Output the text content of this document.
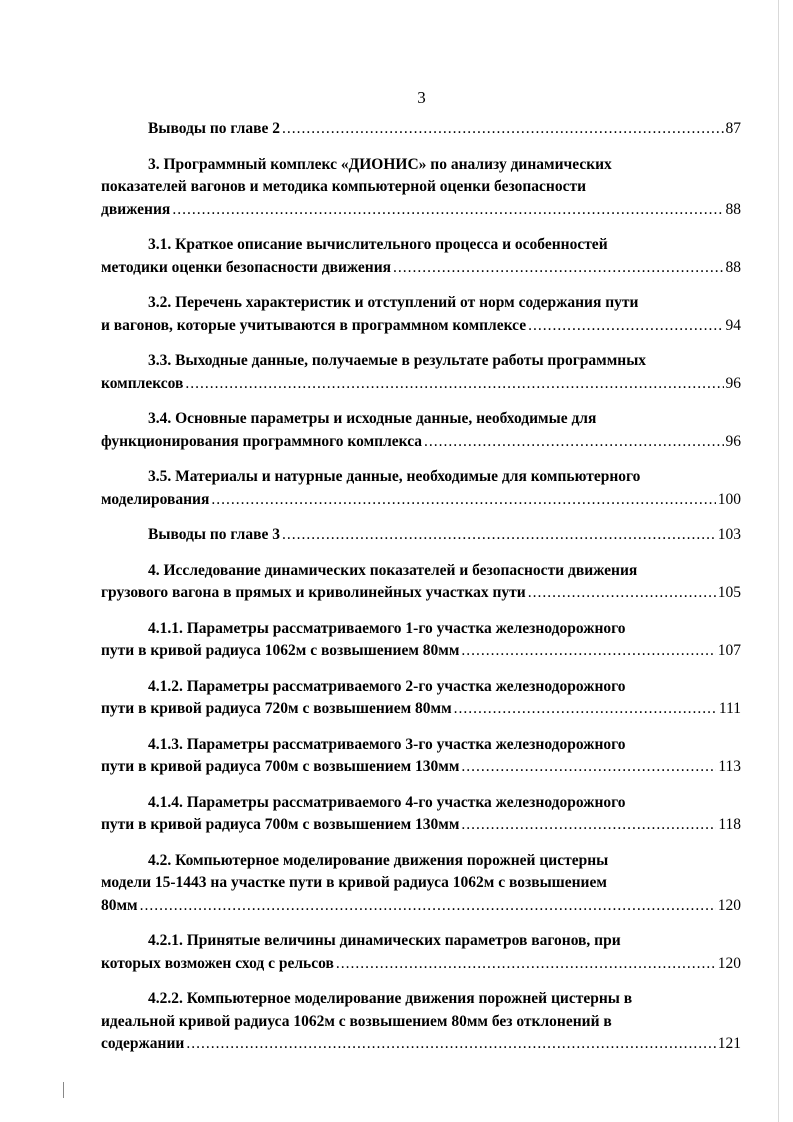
3
Выводы по главе 2 .....	87
3. Программный комплекс «ДИОНИС» по анализу динамических
показателей вагонов и методика компьютерной оценки безопасности
движения .....	88
3.1. Краткое описание вычислительного процесса и особенностей
методики оценки безопасности движения .....	88
3.2. Перечень характеристик и отступлений от норм содержания пути
и вагонов, которые учитываются в программном комплексе .....	94
3.3. Выходные данные, получаемые в результате работы программных
комплексов .....	96
3.4. Основные параметры и исходные данные, необходимые для
функционирования программного комплекса .....	96
3.5. Материалы и натурные данные, необходимые для компьютерного
моделирования .....	100
Выводы по главе 3 .....	103
4. Исследование динамических показателей и безопасности движения
грузового вагона в прямых и криволинейных участках пути .....	105
4.1.1. Параметры рассматриваемого 1-го участка железнодорожного
пути в кривой радиуса 1062м с возвышением 80мм .....	107
4.1.2. Параметры рассматриваемого 2-го участка железнодорожного
пути в кривой радиуса 720м с возвышением 80мм .....	111
4.1.3. Параметры рассматриваемого 3-го участка железнодорожного
пути в кривой радиуса 700м с возвышением 130мм .....	113
4.1.4. Параметры рассматриваемого 4-го участка железнодорожного
пути в кривой радиуса 700м с возвышением 130мм .....	118
4.2. Компьютерное моделирование движения порожней цистерны
модели 15-1443 на участке пути в кривой радиуса 1062м с возвышением
80мм .....	120
4.2.1. Принятые величины динамических параметров вагонов, при
которых возможен сход с рельсов .....	120
4.2.2. Компьютерное моделирование движения порожней цистерны в
идеальной кривой радиуса 1062м с возвышением 80мм без отклонений в
содержании .....	121
